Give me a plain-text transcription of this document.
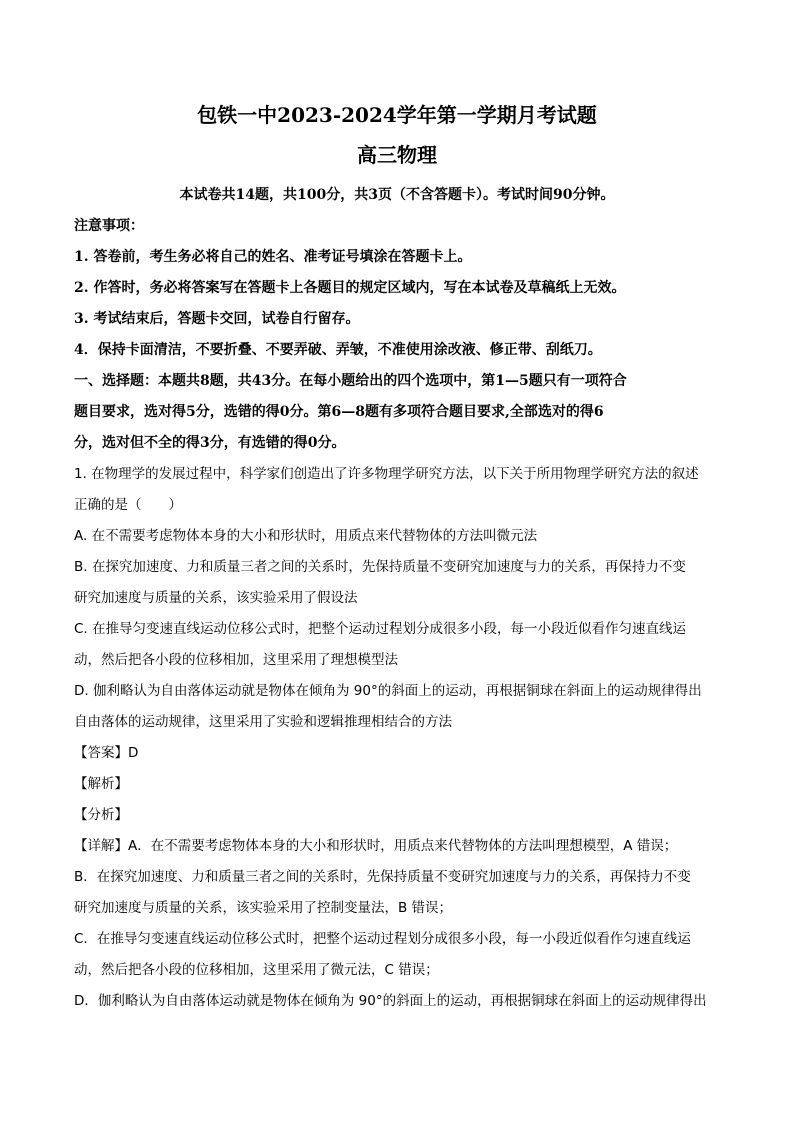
包铁一中2023-2024学年第一学期月考试题
高三物理
本试卷共14题，共100分，共3页（不含答题卡）。考试时间90分钟。
注意事项：
1. 答卷前，考生务必将自己的姓名、准考证号填涂在答题卡上。
2. 作答时，务必将答案写在答题卡上各题目的规定区域内，写在本试卷及草稿纸上无效。
3. 考试结束后，答题卡交回，试卷自行留存。
4．保持卡面清洁，不要折叠、不要弄破、弄皱，不准使用涂改液、修正带、刮纸刀。
一、选择题：本题共8题，共43分。在每小题给出的四个选项中，第1—5题只有一项符合
题目要求，选对得5分，选错的得0分。第6—8题有多项符合题目要求,全部选对的得6
分，选对但不全的得3分，有选错的得0分。
1. 在物理学的发展过程中，科学家们创造出了许多物理学研究方法，以下关于所用物理学研究方法的叙述
正确的是（　　）
A. 在不需要考虑物体本身的大小和形状时，用质点来代替物体的方法叫微元法
B. 在探究加速度、力和质量三者之间的关系时，先保持质量不变研究加速度与力的关系，再保持力不变
研究加速度与质量的关系，该实验采用了假设法
C. 在推导匀变速直线运动位移公式时，把整个运动过程划分成很多小段，每一小段近似看作匀速直线运
动，然后把各小段的位移相加，这里采用了理想模型法
D. 伽利略认为自由落体运动就是物体在倾角为 90°的斜面上的运动，再根据铜球在斜面上的运动规律得出
自由落体的运动规律，这里采用了实验和逻辑推理相结合的方法
【答案】D
【解析】
【分析】
【详解】A．在不需要考虑物体本身的大小和形状时，用质点来代替物体的方法叫理想模型，A 错误；
B．在探究加速度、力和质量三者之间的关系时，先保持质量不变研究加速度与力的关系，再保持力不变
研究加速度与质量的关系，该实验采用了控制变量法，B 错误；
C．在推导匀变速直线运动位移公式时，把整个运动过程划分成很多小段，每一小段近似看作匀速直线运
动，然后把各小段的位移相加，这里采用了微元法，C 错误；
D．伽利略认为自由落体运动就是物体在倾角为 90°的斜面上的运动，再根据铜球在斜面上的运动规律得出
